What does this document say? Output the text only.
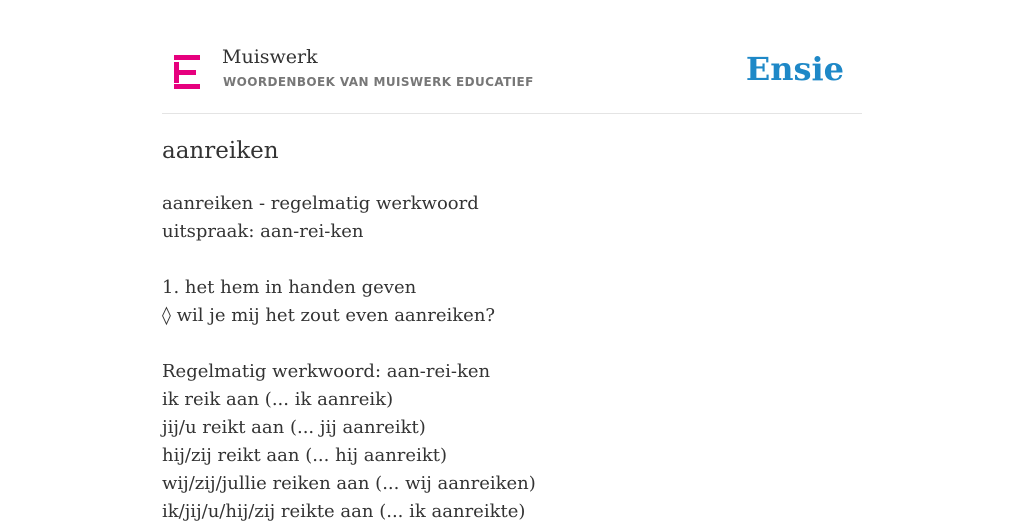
Muiswerk
WOORDENBOEK VAN MUISWERK EDUCATIEF	Ensie
aanreiken
aanreiken - regelmatig werkwoord
uitspraak: aan-rei-ken
1. het hem in handen geven
◊ wil je mij het zout even aanreiken?
Regelmatig werkwoord: aan-rei-ken
ik reik aan (... ik aanreik)
jij/u reikt aan (... jij aanreikt)
hij/zij reikt aan (... hij aanreikt)
wij/zij/jullie reiken aan (... wij aanreiken)
ik/jij/u/hij/zij reikte aan (... ik aanreikte)
